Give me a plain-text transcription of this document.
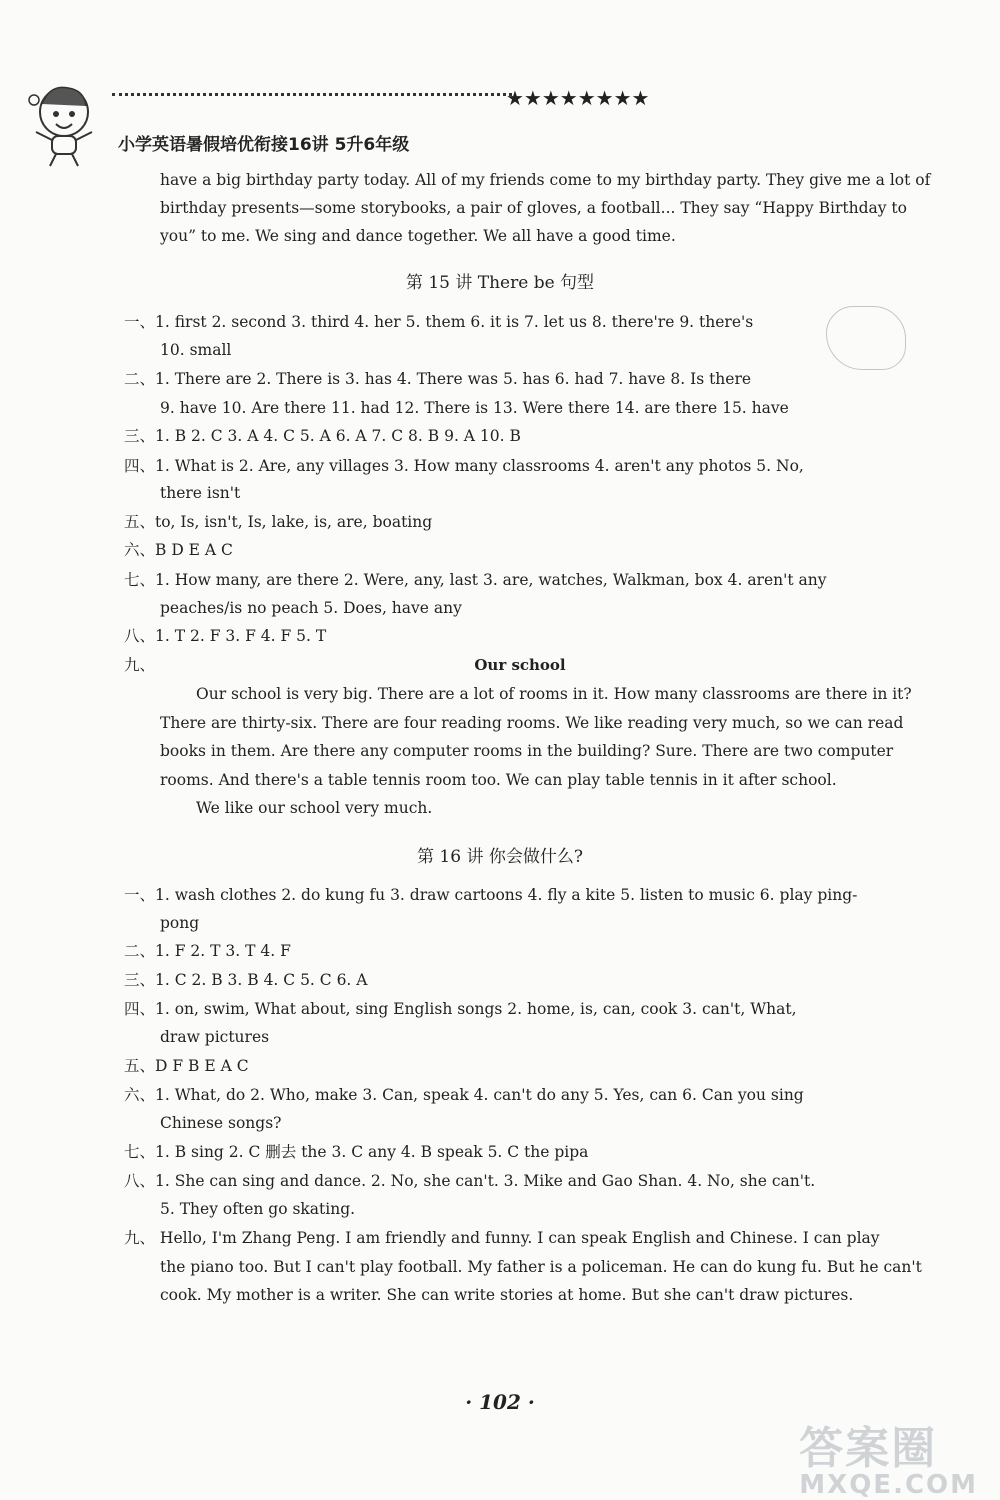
★★★★★★★★
小学英语暑假培优衔接16讲 5升6年级
have a big birthday party today. All of my friends come to my birthday party. They give me a lot of
birthday presents—some storybooks, a pair of gloves, a football... They say “Happy Birthday to
you” to me. We sing and dance together. We all have a good time.
第 15 讲 There be 句型
一、1. first 2. second 3. third 4. her 5. them 6. it is 7. let us 8. there're 9. there's
10. small
二、1. There are 2. There is 3. has 4. There was 5. has 6. had 7. have 8. Is there
9. have 10. Are there 11. had 12. There is 13. Were there 14. are there 15. have
三、1. B 2. C 3. A 4. C 5. A 6. A 7. C 8. B 9. A 10. B
四、1. What is 2. Are, any villages 3. How many classrooms 4. aren't any photos 5. No,
there isn't
五、to, Is, isn't, Is, lake, is, are, boating
六、B D E A C
七、1. How many, are there 2. Were, any, last 3. are, watches, Walkman, box 4. aren't any
peaches/is no peach 5. Does, have any
八、1. T 2. F 3. F 4. F 5. T
九、	Our school
Our school is very big. There are a lot of rooms in it. How many classrooms are there in it?
There are thirty-six. There are four reading rooms. We like reading very much, so we can read
books in them. Are there any computer rooms in the building? Sure. There are two computer
rooms. And there's a table tennis room too. We can play table tennis in it after school.
We like our school very much.
第 16 讲 你会做什么?
一、1. wash clothes 2. do kung fu 3. draw cartoons 4. fly a kite 5. listen to music 6. play ping-
pong
二、1. F 2. T 3. T 4. F
三、1. C 2. B 3. B 4. C 5. C 6. A
四、1. on, swim, What about, sing English songs 2. home, is, can, cook 3. can't, What,
draw pictures
五、D F B E A C
六、1. What, do 2. Who, make 3. Can, speak 4. can't do any 5. Yes, can 6. Can you sing
Chinese songs?
七、1. B sing 2. C 删去 the 3. C any 4. B speak 5. C the pipa
八、1. She can sing and dance. 2. No, she can't. 3. Mike and Gao Shan. 4. No, she can't.
5. They often go skating.
九、 Hello, I'm Zhang Peng. I am friendly and funny. I can speak English and Chinese. I can play
the piano too. But I can't play football. My father is a policeman. He can do kung fu. But he can't
cook. My mother is a writer. She can write stories at home. But she can't draw pictures.
· 102 ·
答案圈
MXQE.COM
